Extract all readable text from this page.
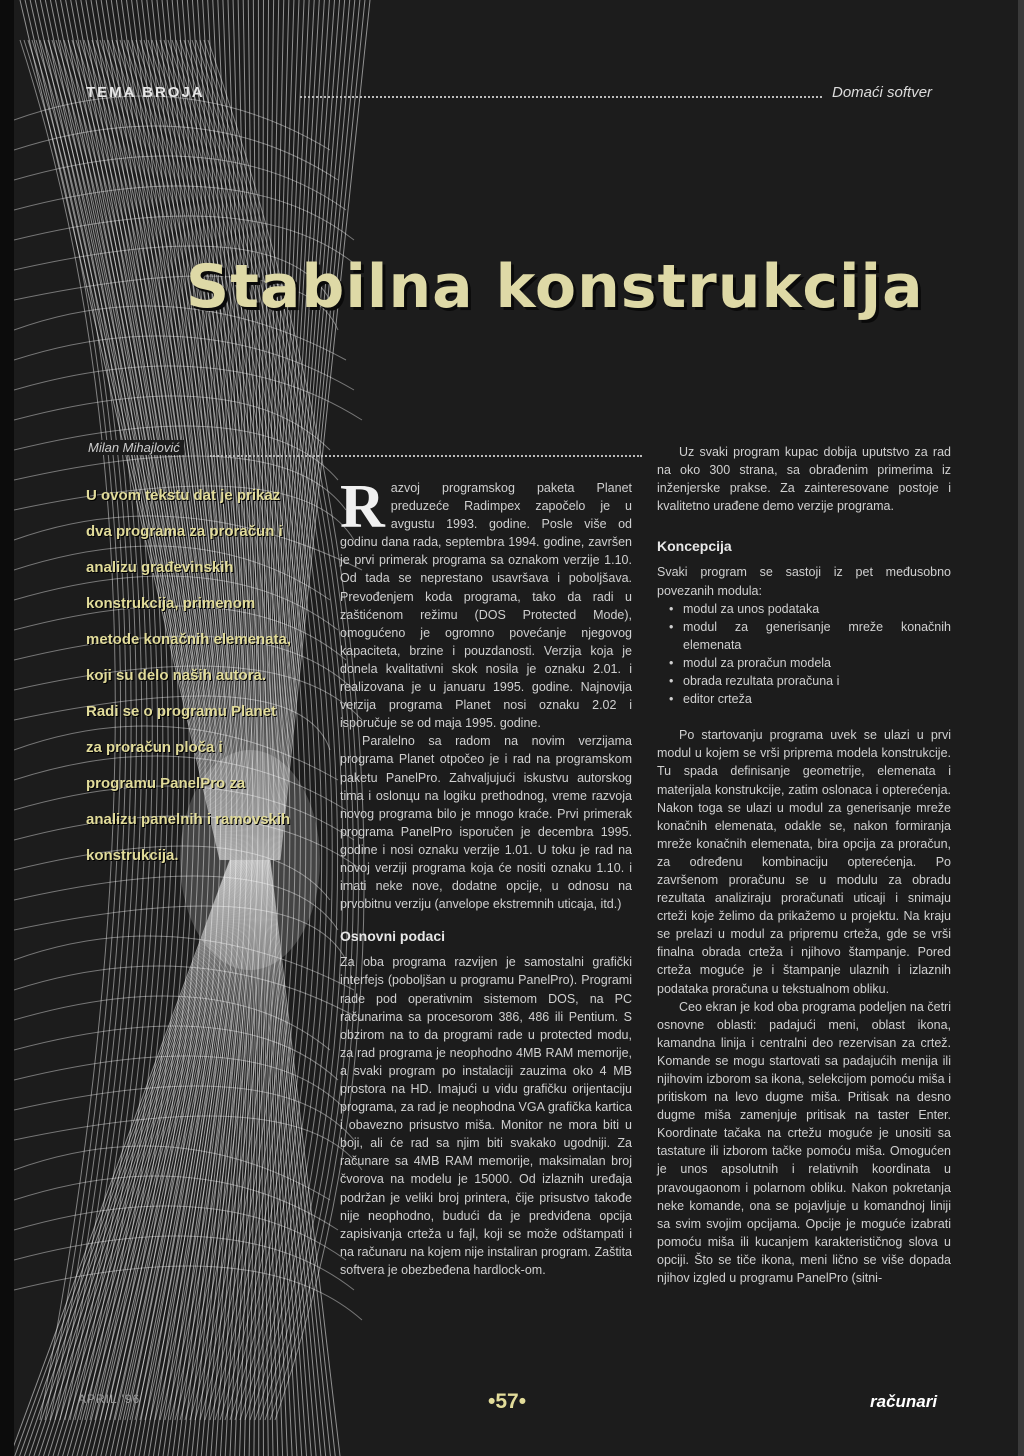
TEMA BROJA	Domaći softver
Stabilna konstrukcija
Milan Mihajlović
U ovom tekstu dat je prikaz dva programa za proračun i analizu građevinskih konstrukcija, primenom metode konačnih elemenata, koji su delo naših autora. Radi se o programu Planet za proračun ploča i programu PanelPro za analizu panelnih i ramovskih konstrukcija.

Razvoj programskog paketa Planet preduzeće Radimpex započelo je u avgustu 1993. godine. Posle više od godinu dana rada, septembra 1994. godine, završen je prvi primerak programa sa oznakom verzije 1.10. Od tada se neprestano usavršava i poboljšava. Prevođenjem koda programa, tako da radi u zaštićenom režimu (DOS Protected Mode), omogućeno je ogromno povećanje njegovog kapaciteta, brzine i pouzdanosti. Verzija koja je donela kvalitativni skok nosila je oznaku 2.01. i realizovana je u januaru 1995. godine. Najnovija verzija programa Planet nosi oznaku 2.02 i isporučuje se od maja 1995. godine.

Paralelno sa radom na novim verzijama programa Planet otpočeo je i rad na programskom paketu PanelPro. Zahvaljujući iskustvu autorskog tima i oslonцu na logiku prethodnog, vreme razvoja novog programa bilo je mnogo kraće. Prvi primerak programa PanelPro isporučen je decembra 1995. godine i nosi oznaku verzije 1.01. U toku je rad na novoj verziji programa koja će nositi oznaku 1.10. i imati neke nove, dodatne opcije, u odnosu na prvobitnu verziju (anvelope ekstremnih uticaja, itd.)

Osnovni podaci

Za oba programa razvijen je samostalni grafički interfejs (poboljšan u programu PanelPro). Programi rade pod operativnim sistemom DOS, na PC računarima sa procesorom 386, 486 ili Pentium. S obzirom na to da programi rade u protected modu, za rad programa je neophodno 4MB RAM memorije, a svaki program po instalaciji zauzima oko 4 MB prostora na HD. Imajući u vidu grafičku orijentaciju programa, za rad je neophodna VGA grafička kartica i obavezno prisustvo miša. Monitor ne mora biti u boji, ali će rad sa njim biti svakako ugodniji. Za računare sa 4MB RAM memorije, maksimalan broj čvorova na modelu je 15000. Od izlaznih uređaja podržan je veliki broj printera, čije prisustvo takođe nije neophodno, budući da je predviđena opcija zapisivanja crteža u fajl, koji se može odštampati i na računaru na kojem nije instaliran program. Zaštita softvera je obezbeđena hardlock-om.

Uz svaki program kupac dobija uputstvo za rad na oko 300 strana, sa obrađenim primerima iz inženjerske prakse. Za zainteresovane postoje i kvalitetno urađene demo verzije programa.

Koncepcija

Svaki program se sastoji iz pet međusobno povezanih modula:

• modul za unos podataka
• modul za generisanje mreže konačnih elemenata
• modul za proračun modela
• obrada rezultata proračuna i
• editor crteža

Po startovanju programa uvek se ulazi u prvi modul u kojem se vrši priprema modela konstrukcije. Tu spada definisanje geometrije, elemenata i materijala konstrukcije, zatim oslonaca i opterećenja. Nakon toga se ulazi u modul za generisanje mreže konačnih elemenata, odakle se, nakon formiranja mreže konačnih elemenata, bira opcija za proračun, za određenu kombinaciju opterećenja. Po završenom proračunu se u modulu za obradu rezultata analiziraju proračunati uticaji i snimaju crteži koje želimo da prikažemo u projektu. Na kraju se prelazi u modul za pripremu crteža, gde se vrši finalna obrada crteža i njihovo štampanje. Pored crteža moguće je i štampanje ulaznih i izlaznih podataka proračuna u tekstualnom obliku.

Ceo ekran je kod oba programa podeljen na četri osnovne oblasti: padajući meni, oblast ikona, kamandna linija i centralni deo rezervisan za crtež. Komande se mogu startovati sa padajućih menija ili njihovim izborom sa ikona, selekcijom pomoću miša i pritiskom na levo dugme miša. Pritisak na desno dugme miša zamenjuje pritisak na taster Enter. Koordinate tačaka na crtežu moguće je unositi sa tastature ili izborom tačke pomoću miša. Omogućen je unos apsolutnih i relativnih koordinata u pravougaonom i polarnom obliku. Nakon pokretanja neke komande, ona se pojavljuje u komandnoj liniji sa svim svojim opcijama. Opcije je moguće izabrati pomoću miša ili kucanjem karakterističnog slova u opciji. Što se tiče ikona, meni lično se više dopada njihov izgled u programu PanelPro (sitni-

APRIL '96	•57•	računari
